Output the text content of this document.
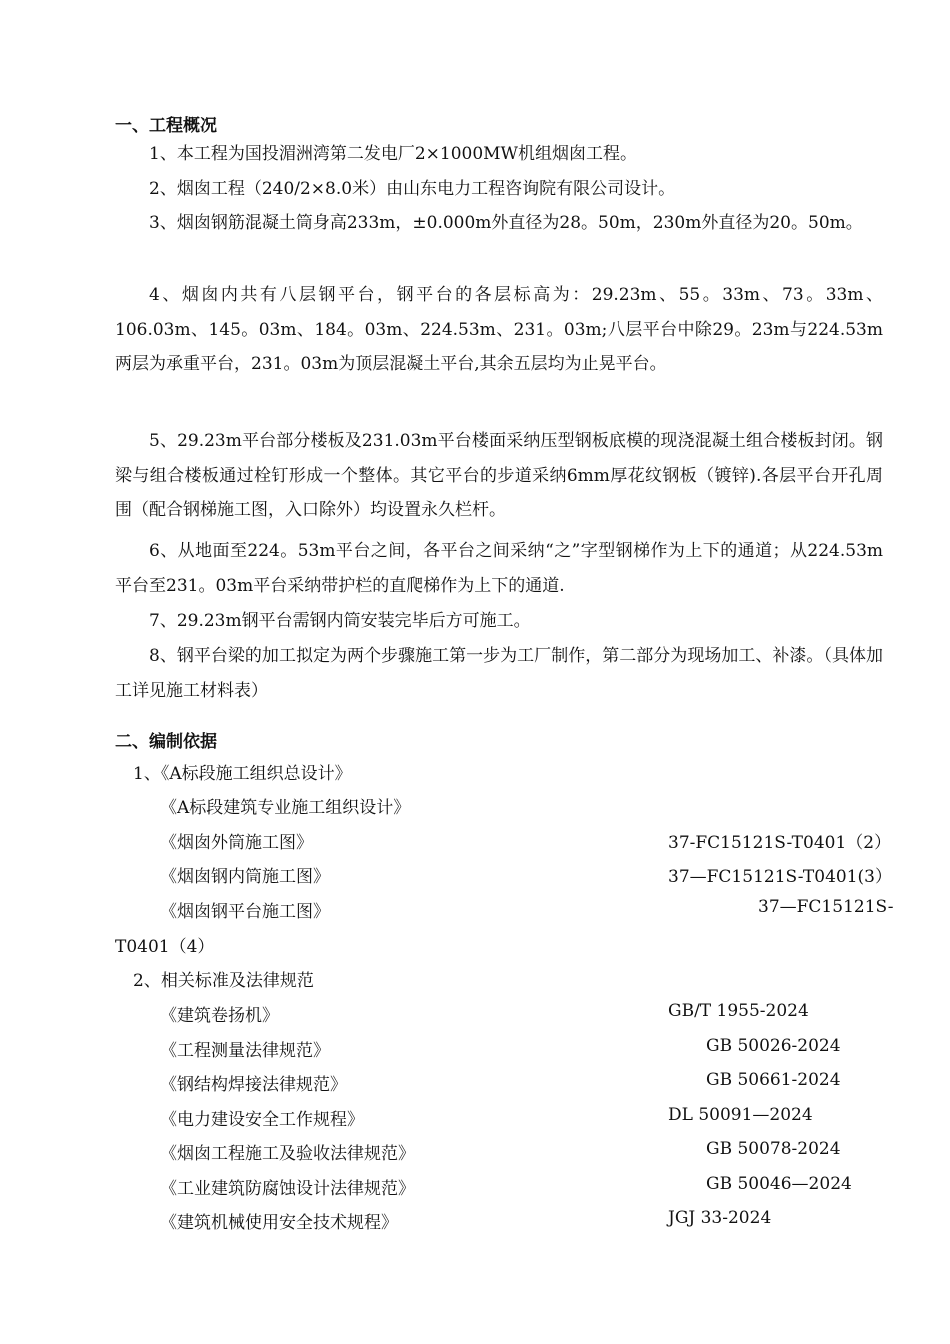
一、工程概况

1、本工程为国投湄洲湾第二发电厂2×1000MW机组烟囱工程。

2、烟囱工程（240/2×8.0米）由山东电力工程咨询院有限公司设计。

3、烟囱钢筋混凝土筒身高233m，±0.000m外直径为28。50m，230m外直径为20。50m。

4、烟囱内共有八层钢平台，钢平台的各层标高为：29.23m、55。33m、73。33m、106.03m、145。03m、184。03m、224.53m、231。03m;八层平台中除29。23m与224.53m两层为承重平台，231。03m为顶层混凝土平台,其余五层均为止晃平台。

5、29.23m平台部分楼板及231.03m平台楼面采纳压型钢板底模的现浇混凝土组合楼板封闭。钢梁与组合楼板通过栓钉形成一个整体。其它平台的步道采纳6mm厚花纹钢板（镀锌).各层平台开孔周围（配合钢梯施工图，入口除外）均设置永久栏杆。

6、从地面至224。53m平台之间，各平台之间采纳“之”字型钢梯作为上下的通道；从224.53m平台至231。03m平台采纳带护栏的直爬梯作为上下的通道.

7、29.23m钢平台需钢内筒安装完毕后方可施工。

8、钢平台梁的加工拟定为两个步骤施工第一步为工厂制作，第二部分为现场加工、补漆。（具体加工详见施工材料表）

二、编制依据
1、《A标段施工组织总设计》
《A标段建筑专业施工组织设计》
《烟囱外筒施工图》	37-FC15121S-T0401（2）
《烟囱钢内筒施工图》	37—FC15121S-T0401(3）
《烟囱钢平台施工图》	37—FC15121S-
T0401（4）
2、相关标准及法律规范
《建筑卷扬机》	GB/T 1955-2024
《工程测量法律规范》	GB 50026-2024
《钢结构焊接法律规范》	GB 50661-2024
《电力建设安全工作规程》	DL 50091—2024
《烟囱工程施工及验收法律规范》	GB 50078-2024
《工业建筑防腐蚀设计法律规范》	GB 50046—2024
《建筑机械使用安全技术规程》	JGJ 33-2024
